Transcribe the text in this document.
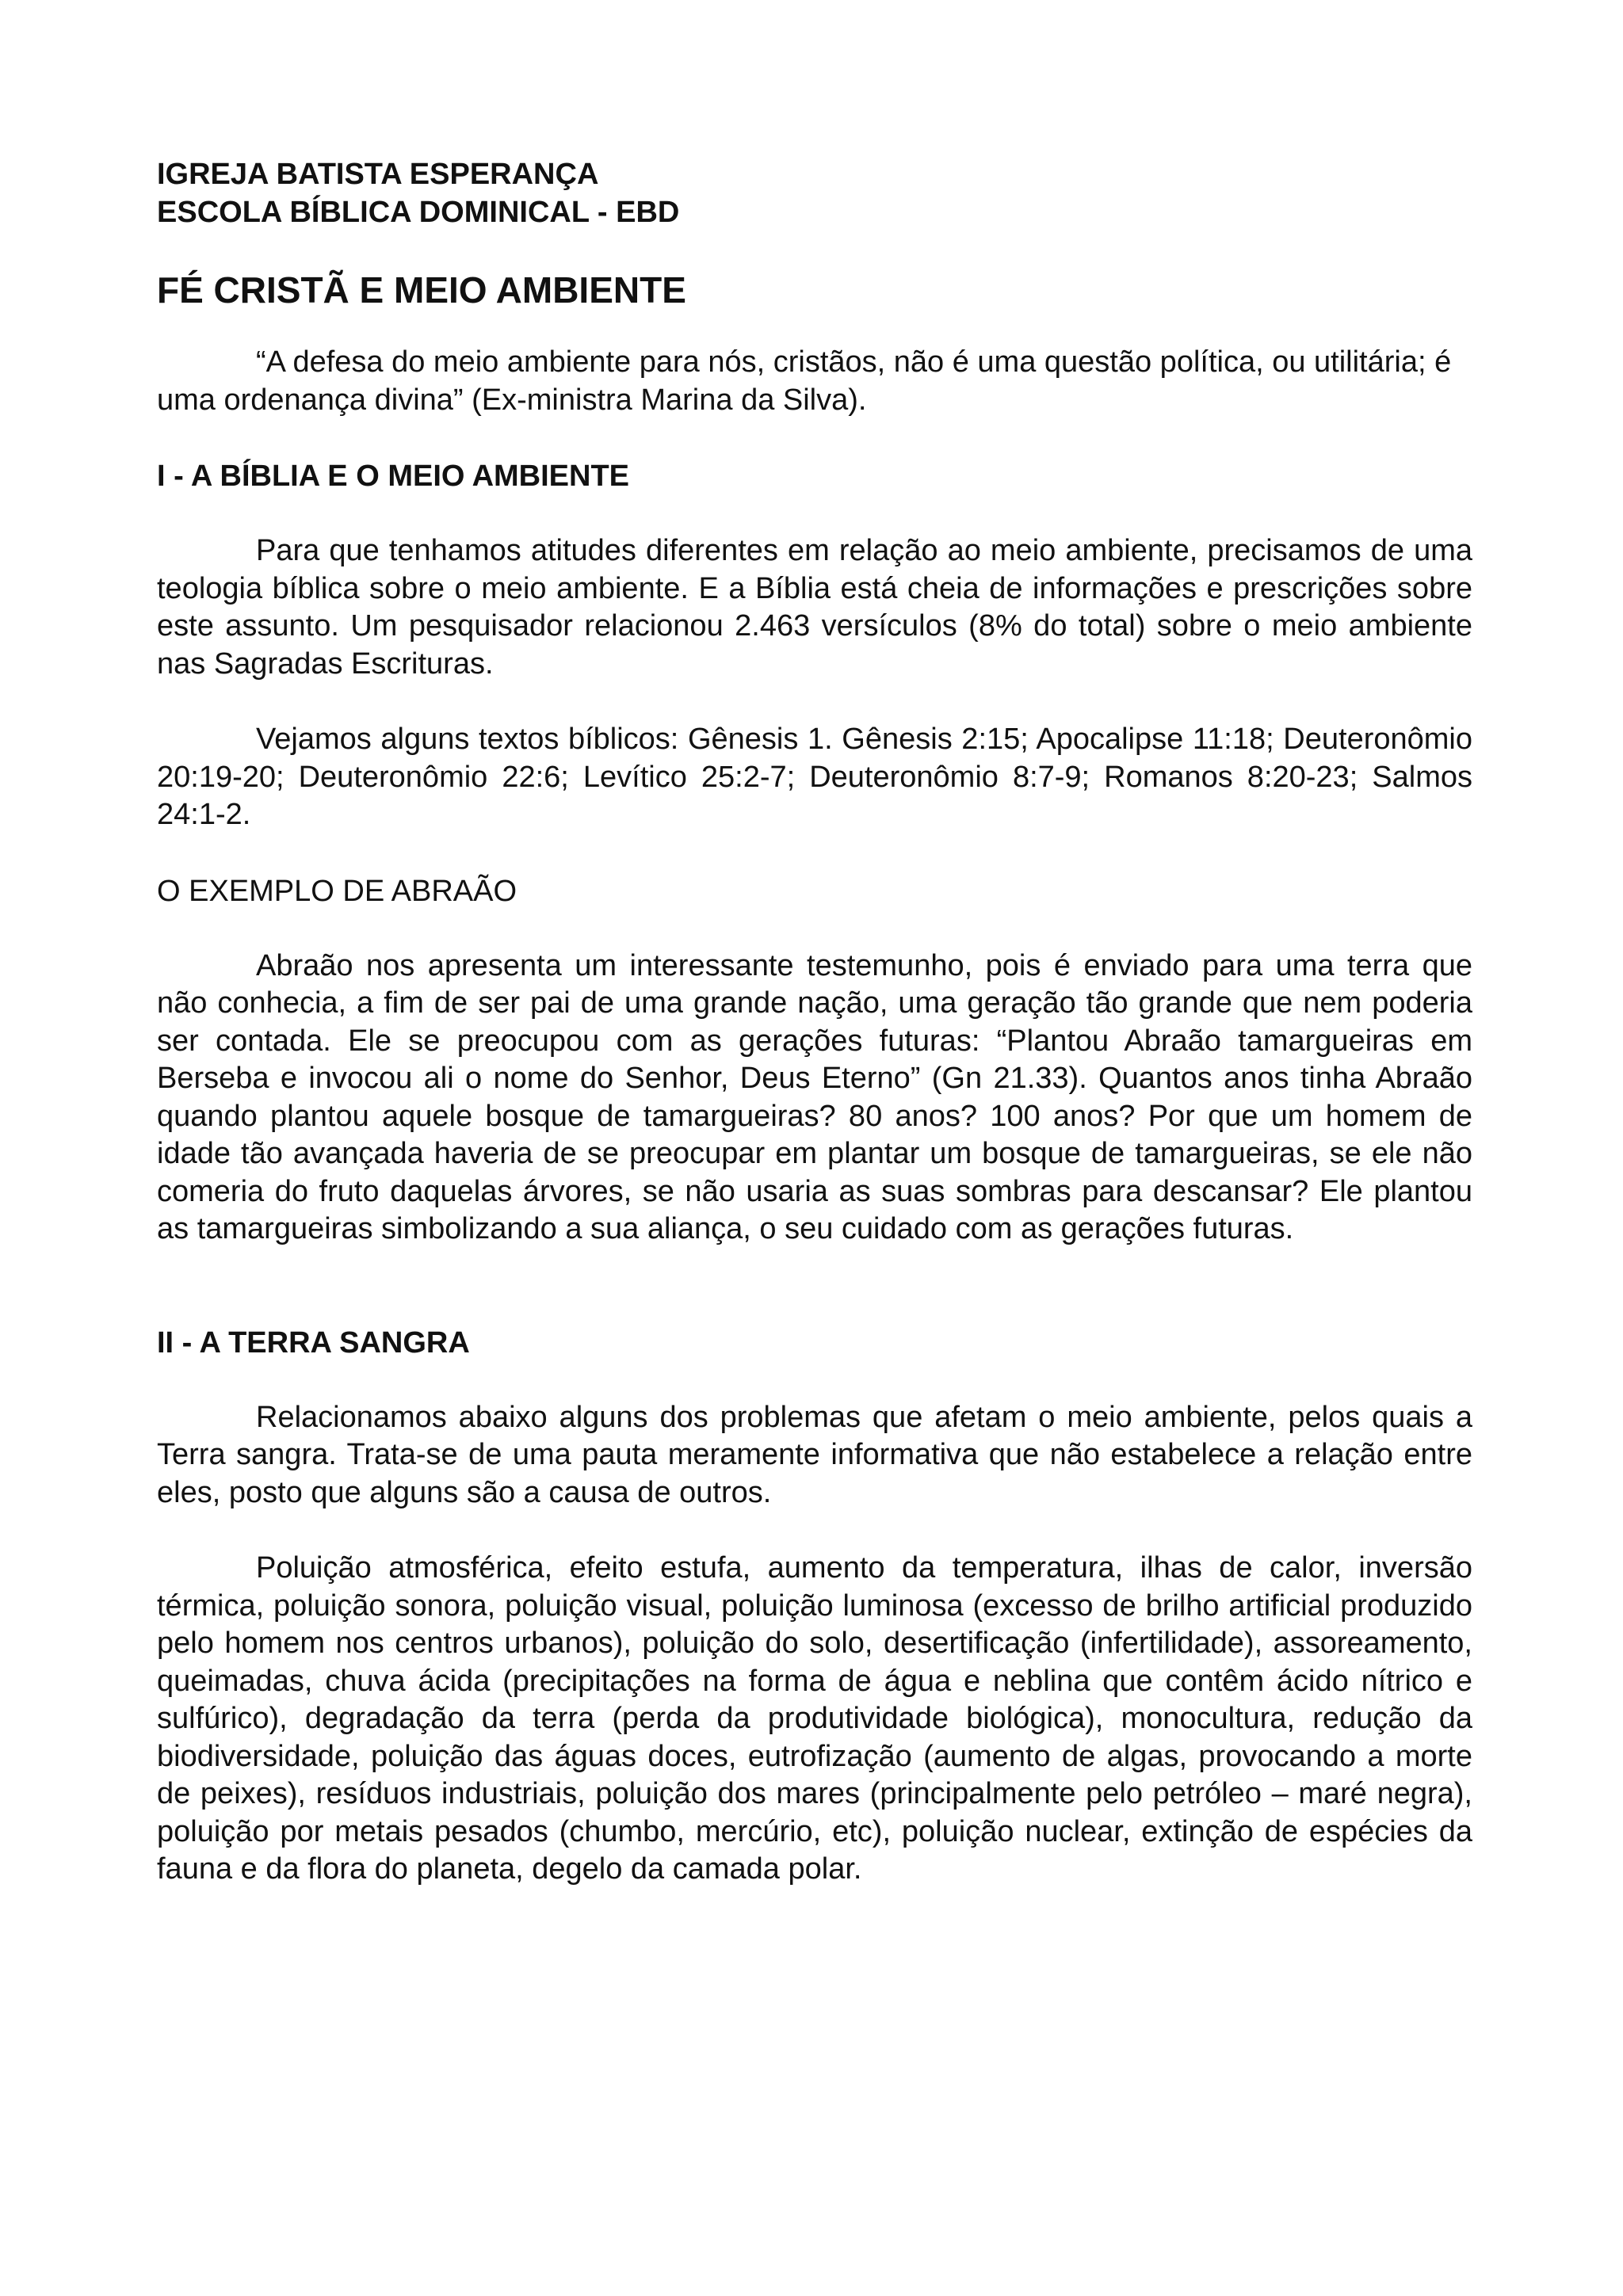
IGREJA BATISTA ESPERANÇA

ESCOLA BÍBLICA DOMINICAL - EBD

FÉ CRISTÃ E MEIO AMBIENTE

“A defesa do meio ambiente para nós, cristãos, não é uma questão política, ou utilitária; é uma ordenança divina” (Ex-ministra Marina da Silva).

I - A BÍBLIA E O MEIO AMBIENTE

Para que tenhamos atitudes diferentes em relação ao meio ambiente, precisamos de uma teologia bíblica sobre o meio ambiente. E a Bíblia está cheia de informações e prescrições sobre este assunto. Um pesquisador relacionou 2.463 versículos (8% do total) sobre o meio ambiente nas Sagradas Escrituras.

Vejamos alguns textos bíblicos: Gênesis 1. Gênesis 2:15; Apocalipse 11:18; Deuteronômio 20:19-20; Deuteronômio 22:6; Levítico 25:2-7; Deuteronômio 8:7-9; Romanos 8:20-23; Salmos 24:1-2.

O EXEMPLO DE ABRAÃO

Abraão nos apresenta um interessante testemunho, pois é enviado para uma terra que não conhecia, a fim de ser pai de uma grande nação, uma geração tão grande que nem poderia ser contada. Ele se preocupou com as gerações futuras: “Plantou Abraão tamargueiras em Berseba e invocou ali o nome do Senhor, Deus Eterno” (Gn 21.33). Quantos anos tinha Abraão quando plantou aquele bosque de tamargueiras? 80 anos? 100 anos? Por que um homem de idade tão avançada haveria de se preocupar em plantar um bosque de tamargueiras, se ele não comeria do fruto daquelas árvores, se não usaria as suas sombras para descansar? Ele plantou as tamargueiras simbolizando a sua aliança, o seu cuidado com as gerações futuras.

II - A TERRA SANGRA

Relacionamos abaixo alguns dos problemas que afetam o meio ambiente, pelos quais a Terra sangra. Trata-se de uma pauta meramente informativa que não estabelece a relação entre eles, posto que alguns são a causa de outros.

Poluição atmosférica, efeito estufa, aumento da temperatura, ilhas de calor, inversão térmica, poluição sonora, poluição visual, poluição luminosa (excesso de brilho artificial produzido pelo homem nos centros urbanos), poluição do solo, desertificação (infertilidade), assoreamento, queimadas, chuva ácida (precipitações na forma de água e neblina que contêm ácido nítrico e sulfúrico), degradação da terra (perda da produtividade biológica), monocultura, redução da biodiversidade, poluição das águas doces, eutrofização (aumento de algas, provocando a morte de peixes), resíduos industriais, poluição dos mares (principalmente pelo petróleo – maré negra), poluição por metais pesados (chumbo, mercúrio, etc), poluição nuclear, extinção de espécies da fauna e da flora do planeta, degelo da camada polar.
